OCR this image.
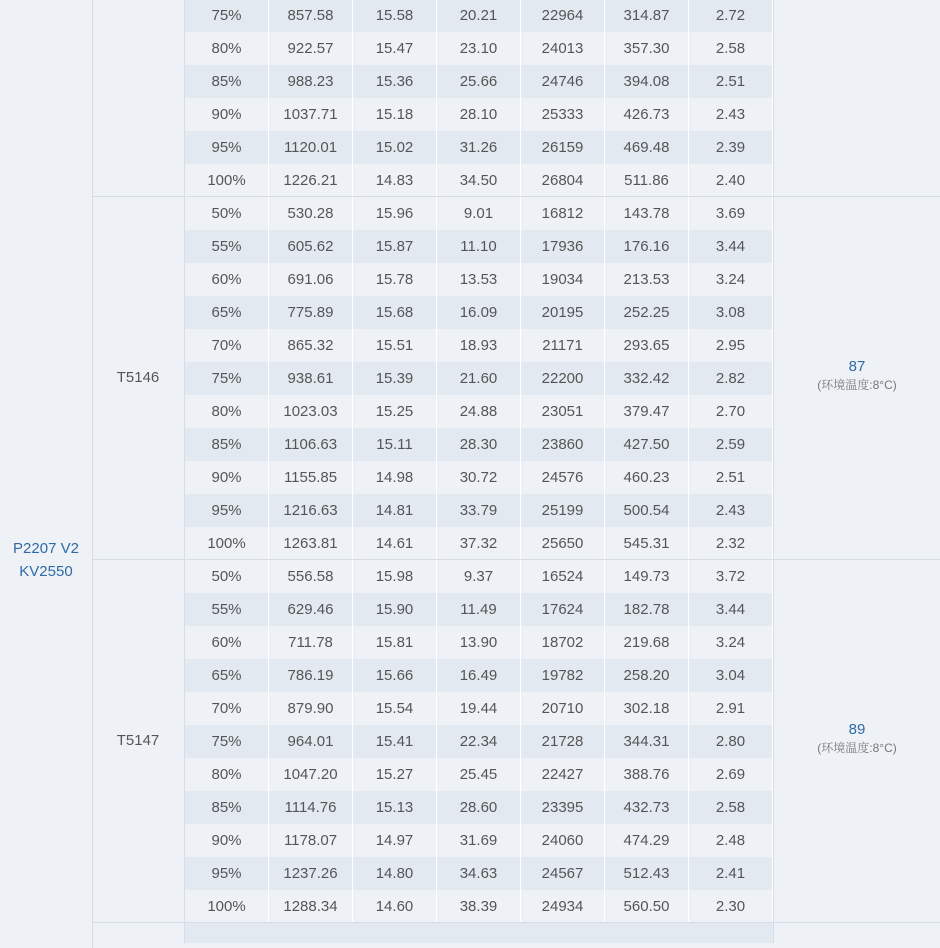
P2207 V2
KV2550
75%	857.58	15.58	20.21	22964	314.87	2.72
80%	922.57	15.47	23.10	24013	357.30	2.58
85%	988.23	15.36	25.66	24746	394.08	2.51
90%	1037.71	15.18	28.10	25333	426.73	2.43
95%	1120.01	15.02	31.26	26159	469.48	2.39
100%	1226.21	14.83	34.50	26804	511.86	2.40
T5146
50%	530.28	15.96	9.01	16812	143.78	3.69
55%	605.62	15.87	11.10	17936	176.16	3.44
60%	691.06	15.78	13.53	19034	213.53	3.24
65%	775.89	15.68	16.09	20195	252.25	3.08
70%	865.32	15.51	18.93	21171	293.65	2.95
75%	938.61	15.39	21.60	22200	332.42	2.82
80%	1023.03	15.25	24.88	23051	379.47	2.70
85%	1106.63	15.11	28.30	23860	427.50	2.59
90%	1155.85	14.98	30.72	24576	460.23	2.51
95%	1216.63	14.81	33.79	25199	500.54	2.43
100%	1263.81	14.61	37.32	25650	545.31	2.32
87
(环境温度:8°C)
T5147
50%	556.58	15.98	9.37	16524	149.73	3.72
55%	629.46	15.90	11.49	17624	182.78	3.44
60%	711.78	15.81	13.90	18702	219.68	3.24
65%	786.19	15.66	16.49	19782	258.20	3.04
70%	879.90	15.54	19.44	20710	302.18	2.91
75%	964.01	15.41	22.34	21728	344.31	2.80
80%	1047.20	15.27	25.45	22427	388.76	2.69
85%	1114.76	15.13	28.60	23395	432.73	2.58
90%	1178.07	14.97	31.69	24060	474.29	2.48
95%	1237.26	14.80	34.63	24567	512.43	2.41
100%	1288.34	14.60	38.39	24934	560.50	2.30
89
(环境温度:8°C)
